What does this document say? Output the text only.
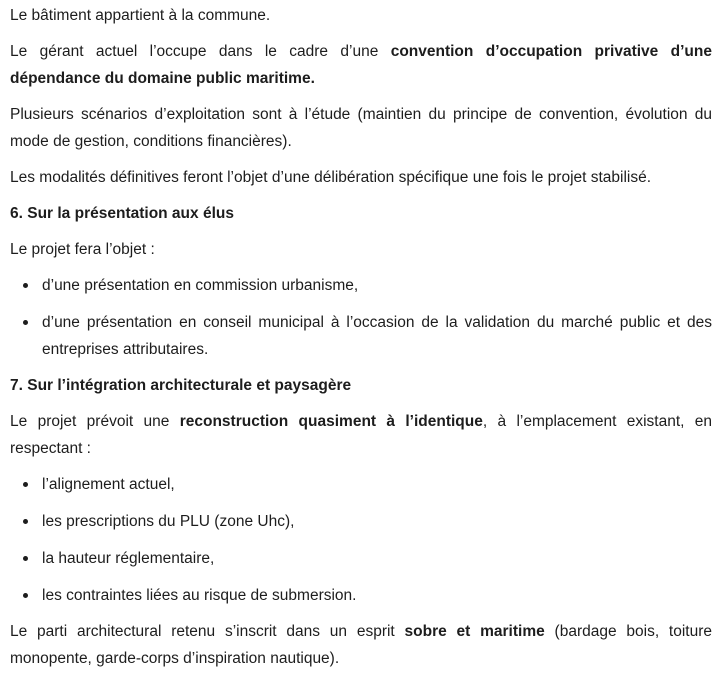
Le bâtiment appartient à la commune.

Le gérant actuel l’occupe dans le cadre d’une convention d’occupation privative d’une dépendance du domaine public maritime.

Plusieurs scénarios d’exploitation sont à l’étude (maintien du principe de convention, évolution du mode de gestion, conditions financières).

Les modalités définitives feront l’objet d’une délibération spécifique une fois le projet stabilisé.

6. Sur la présentation aux élus

Le projet fera l’objet :

d’une présentation en commission urbanisme,
d’une présentation en conseil municipal à l’occasion de la validation du marché public et des entreprises attributaires.

7. Sur l’intégration architecturale et paysagère

Le projet prévoit une reconstruction quasiment à l’identique, à l’emplacement existant, en respectant :

l’alignement actuel,
les prescriptions du PLU (zone Uhc),
la hauteur réglementaire,
les contraintes liées au risque de submersion.

Le parti architectural retenu s’inscrit dans un esprit sobre et maritime (bardage bois, toiture monopente, garde-corps d’inspiration nautique).
